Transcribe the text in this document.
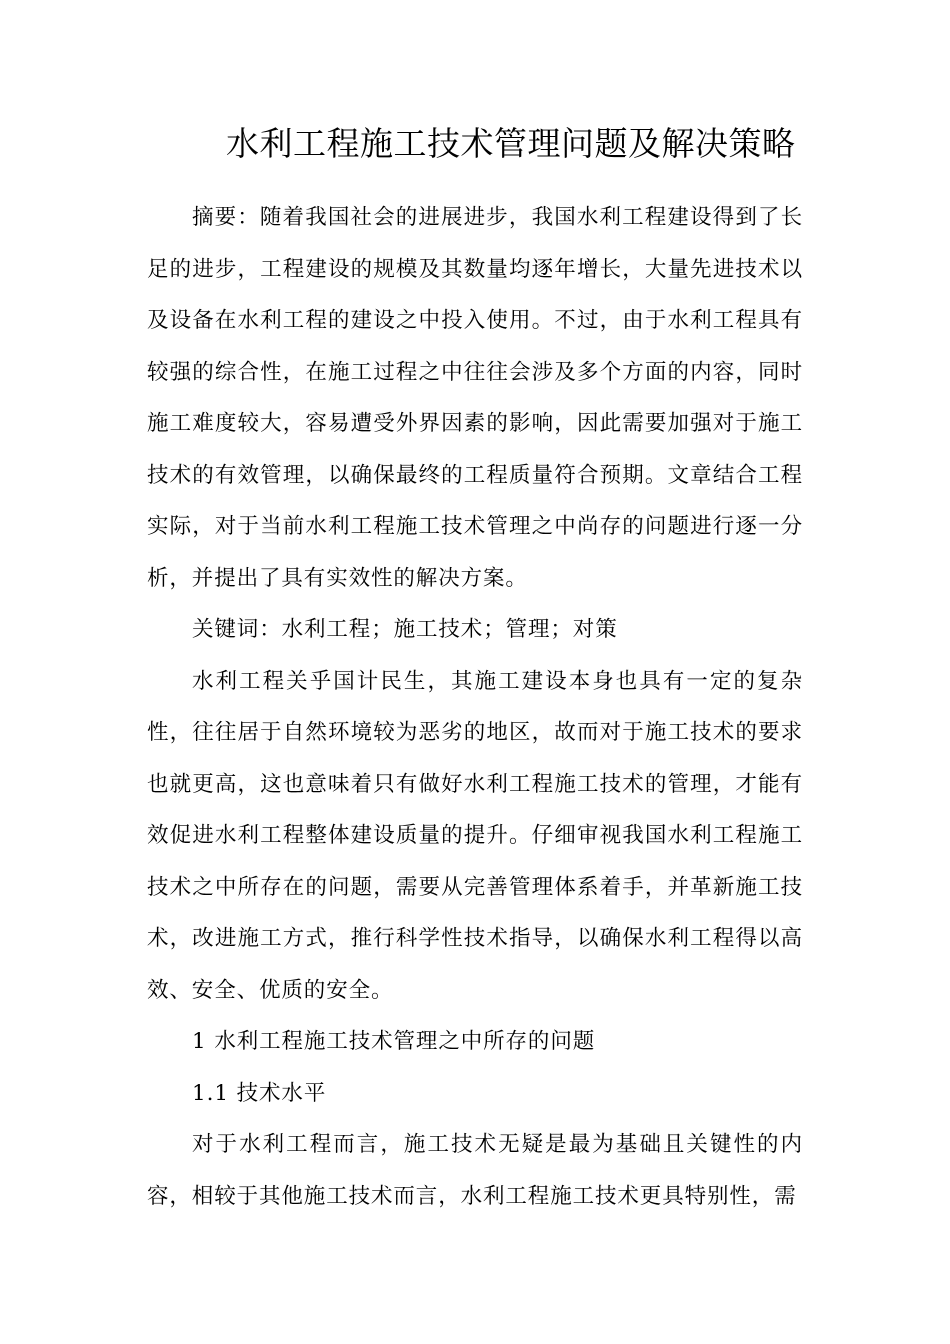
水利工程施工技术管理问题及解决策略

摘要：随着我国社会的进展进步，我国水利工程建设得到了长足的进步，工程建设的规模及其数量均逐年增长，大量先进技术以及设备在水利工程的建设之中投入使用。不过，由于水利工程具有较强的综合性，在施工过程之中往往会涉及多个方面的内容，同时施工难度较大，容易遭受外界因素的影响，因此需要加强对于施工技术的有效管理，以确保最终的工程质量符合预期。文章结合工程实际，对于当前水利工程施工技术管理之中尚存的问题进行逐一分析，并提出了具有实效性的解决方案。

关键词：水利工程；施工技术；管理；对策

水利工程关乎国计民生，其施工建设本身也具有一定的复杂性，往往居于自然环境较为恶劣的地区，故而对于施工技术的要求也就更高，这也意味着只有做好水利工程施工技术的管理，才能有效促进水利工程整体建设质量的提升。仔细审视我国水利工程施工技术之中所存在的问题，需要从完善管理体系着手，并革新施工技术，改进施工方式，推行科学性技术指导，以确保水利工程得以高效、安全、优质的安全。

1 水利工程施工技术管理之中所存的问题

1.1 技术水平

对于水利工程而言，施工技术无疑是最为基础且关键性的内容，相较于其他施工技术而言，水利工程施工技术更具特别性，需
